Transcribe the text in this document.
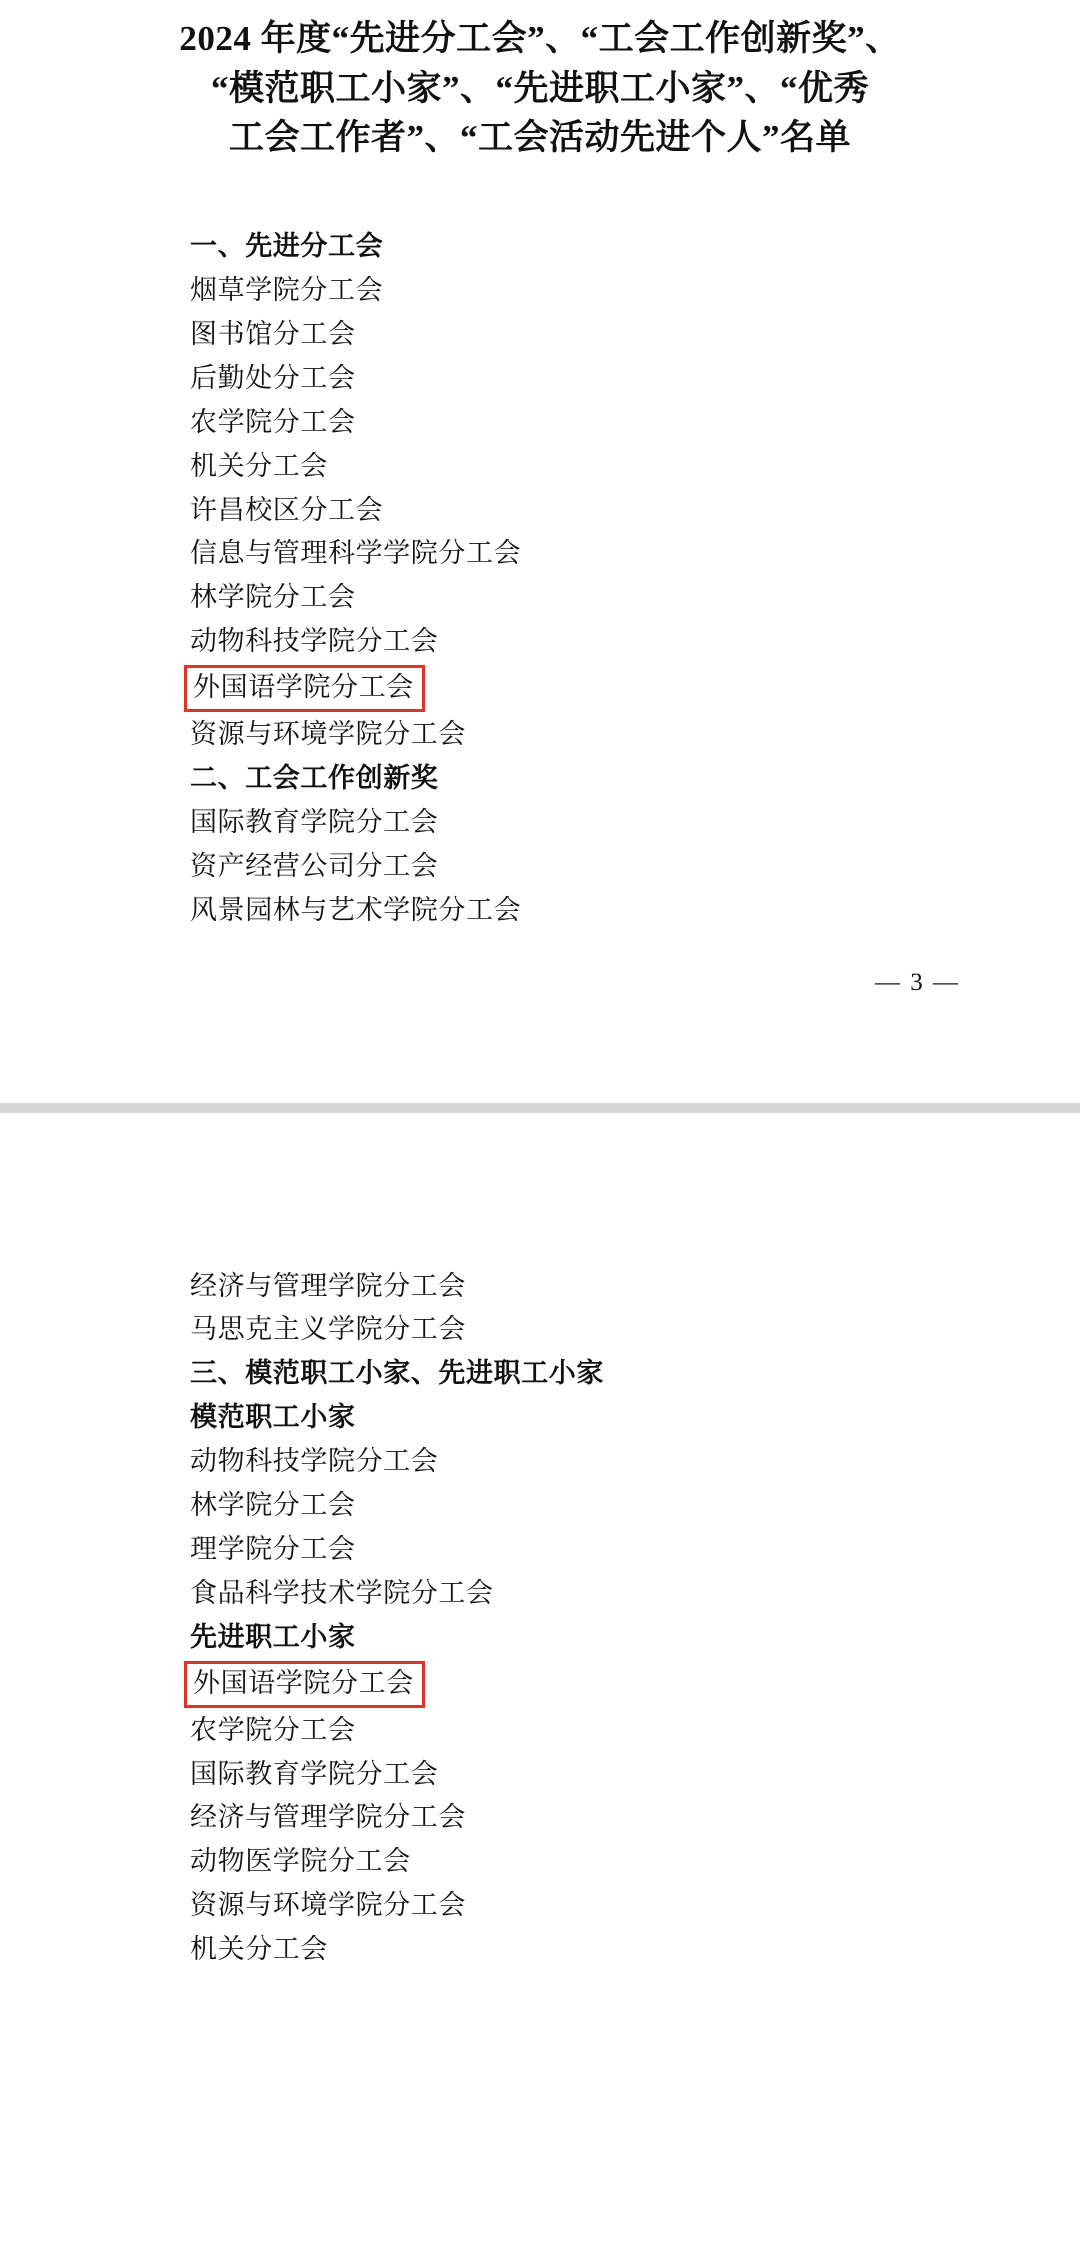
2024 年度“先进分工会”、“工会工作创新奖”、
“模范职工小家”、“先进职工小家”、“优秀
工会工作者”、“工会活动先进个人”名单
一、先进分工会
烟草学院分工会
图书馆分工会
后勤处分工会
农学院分工会
机关分工会
许昌校区分工会
信息与管理科学学院分工会
林学院分工会
动物科技学院分工会
外国语学院分工会
资源与环境学院分工会
二、工会工作创新奖
国际教育学院分工会
资产经营公司分工会
风景园林与艺术学院分工会
— 3 —
经济与管理学院分工会
马思克主义学院分工会
三、模范职工小家、先进职工小家
模范职工小家
动物科技学院分工会
林学院分工会
理学院分工会
食品科学技术学院分工会
先进职工小家
外国语学院分工会
农学院分工会
国际教育学院分工会
经济与管理学院分工会
动物医学院分工会
资源与环境学院分工会
机关分工会
